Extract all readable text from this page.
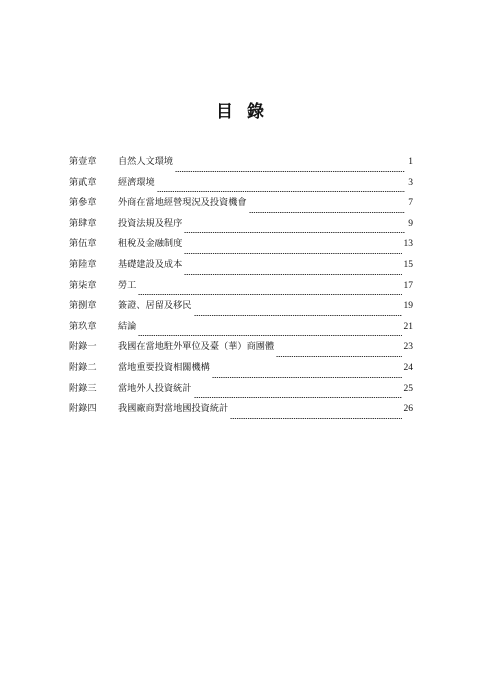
目錄
第壹章	自然人文環境	1
第貳章	經濟環境	3
第參章	外商在當地經營現況及投資機會	7
第肆章	投資法規及程序	9
第伍章	租稅及金融制度	13
第陸章	基礎建設及成本	15
第柒章	勞工	17
第捌章	簽證、居留及移民	19
第玖章	結論	21
附錄一	我國在當地駐外單位及臺（華）商團體	23
附錄二	當地重要投資相關機構	24
附錄三	當地外人投資統計	25
附錄四	我國廠商對當地國投資統計	26
